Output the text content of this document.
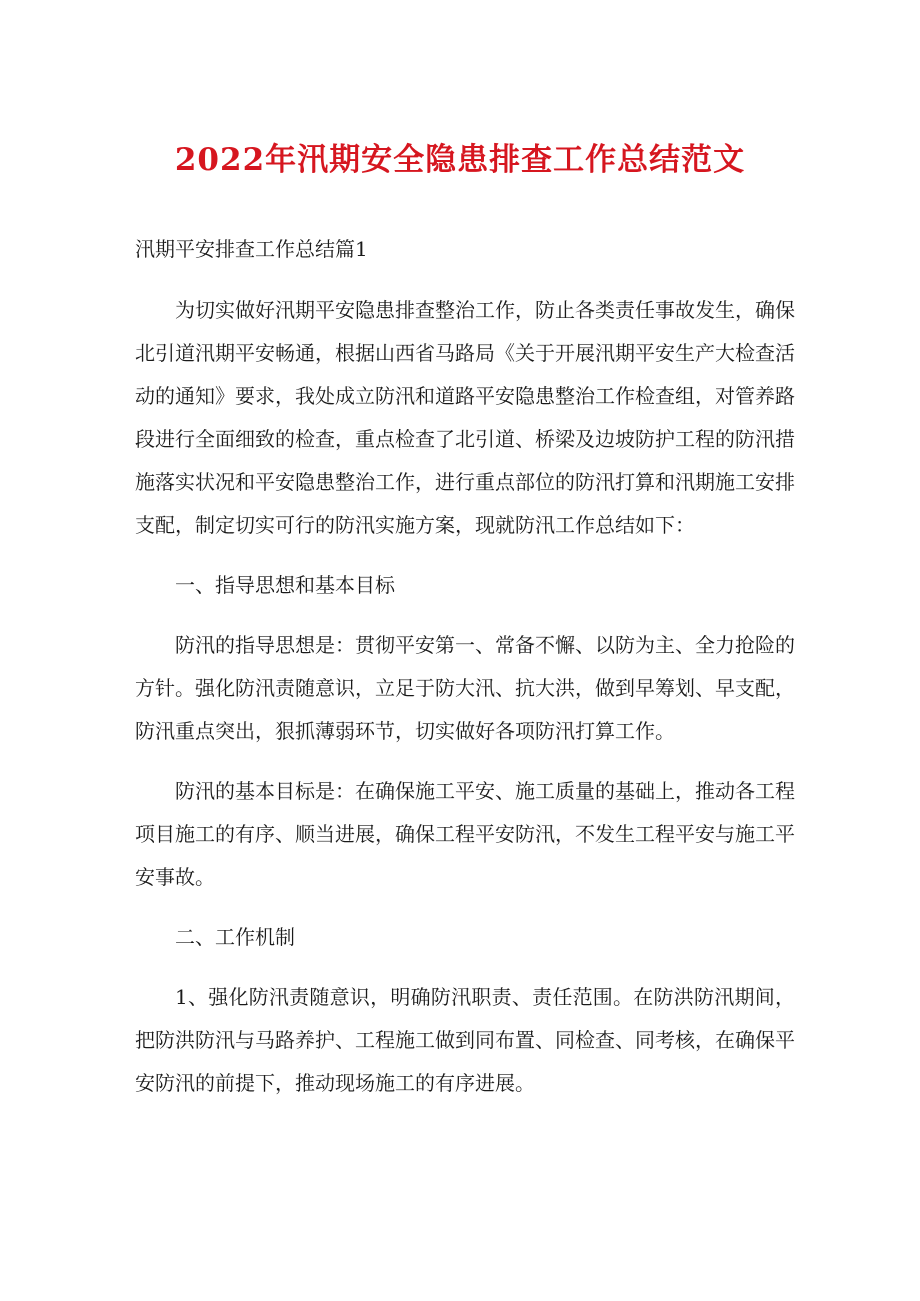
2022年汛期安全隐患排查工作总结范文
汛期平安排查工作总结篇1

为切实做好汛期平安隐患排查整治工作，防止各类责任事故发生，确保北引道汛期平安畅通，根据山西省马路局《关于开展汛期平安生产大检查活动的通知》要求，我处成立防汛和道路平安隐患整治工作检查组，对管养路段进行全面细致的检查，重点检查了北引道、桥梁及边坡防护工程的防汛措施落实状况和平安隐患整治工作，进行重点部位的防汛打算和汛期施工安排支配，制定切实可行的防汛实施方案，现就防汛工作总结如下：

一、指导思想和基本目标

防汛的指导思想是：贯彻平安第一、常备不懈、以防为主、全力抢险的方针。强化防汛责随意识，立足于防大汛、抗大洪，做到早筹划、早支配，防汛重点突出，狠抓薄弱环节，切实做好各项防汛打算工作。

防汛的基本目标是：在确保施工平安、施工质量的基础上，推动各工程项目施工的有序、顺当进展，确保工程平安防汛，不发生工程平安与施工平安事故。

二、工作机制

1、强化防汛责随意识，明确防汛职责、责任范围。在防洪防汛期间，把防洪防汛与马路养护、工程施工做到同布置、同检查、同考核，在确保平安防汛的前提下，推动现场施工的有序进展。
